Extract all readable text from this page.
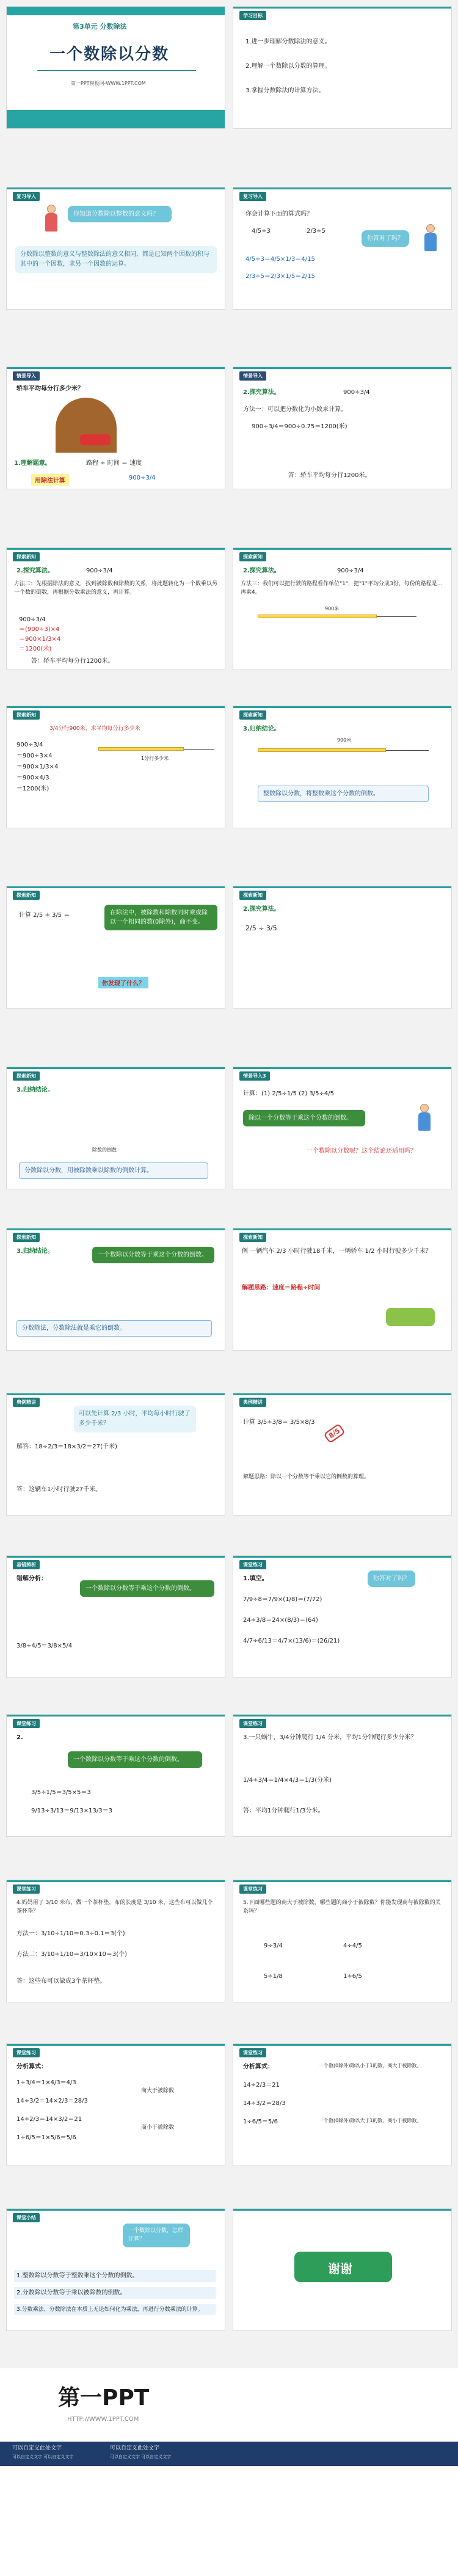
第3单元 分数除法
一个数除以分数
第一PPT模板网-WWW.1PPT.COM
学习目标
1.进一步理解分数除法的意义。
2.理解一个数除以分数的算理。
3.掌握分数除法的计算方法。
复习导入
你知道分数除以整数的意义吗？
分数除以整数的意义与整数除法的意义相同，都是已知两个因数的积与其中的一个因数，求另一个因数的运算。
复习导入
你会计算下面的算式吗？
4/5÷3	2/3÷5
4/5÷3＝4/5×1/3＝4/15
2/3÷5＝2/3×1/5＝2/15
你答对了吗？
情景导入
轿车平均每分行多少米？
1.理解题意。	路程 ÷ 时间 ＝ 速度
用除法计算	900÷3/4
情景导入
2.探究算法。	900÷3/4
方法一：可以把分数化为小数来计算。
900÷3/4＝900÷0.75＝1200(米)
答：轿车平均每分行1200米。
探索新知
2.探究算法。	900÷3/4
方法二：先根据除法的意义，找到被除数和除数的关系，将此题转化为一个数乘以另一个数的倒数，再根据分数乘法的意义，再计算。
900÷3/4
＝(900÷3)×4
＝900×1/3×4
＝1200(米)
答：轿车平均每分行1200米。
探索新知
2.探究算法。	900÷3/4
方法三：我们可以把行驶的路程看作单位"1"，把"1"平均分成3份，每份的路程是...再乘4。
900米
探索新知
3/4分行900米，求平均每分行多少米
900÷3/4
＝900÷3×4
＝900×1/3×4
＝900×4/3
＝1200(米)
1分行多少米
探索新知
3.归纳结论。
900米
整数除以分数，将整数乘这个分数的倒数。
探索新知
计算 2/5 ÷ 3/5 ＝	在除法中，被除数和除数同时乘或除以一个相同的数(0除外)，商不变。
你发现了什么？
探索新知
2.探究算法。
2/5 ÷ 3/5
探索新知
3.归纳结论。
除数的倒数
分数除以分数，用被除数乘以除数的倒数计算。
情景导入3
计算：(1) 2/5÷1/5 (2) 3/5÷4/5
除以一个分数等于乘这个分数的倒数。
一个数除以分数呢？这个结论还适用吗？
探索新知
3.归纳结论。
一个数除以分数等于乘这个分数的倒数。
分数除法，分数除法就是乘它的倒数。
探索新知
例 一辆汽车 2/3 小时行驶18千米，一辆轿车 1/2 小时行驶多少千米？
解题思路：速度＝路程÷时间
典例精讲
可以先计算 2/3 小时，平均每小时行驶了多少千米？
解答：18÷2/3＝18×3/2＝27(千米)
答：这辆车1小时行驶27千米。
典例精讲
计算 3/5÷3/8＝ 3/5×8/3
8/5
解题思路：除以一个分数等于乘以它的倒数的算理。
易错辨析
错解分析：
一个数除以分数等于乘这个分数的倒数。
3/8÷4/5＝3/8×5/4
课堂练习
1.填空。	你答对了吗？
7/9÷8＝7/9×(1/8)＝(7/72)
24÷3/8＝24×(8/3)＝(64)
4/7÷6/13＝4/7×(13/6)＝(26/21)
课堂练习
2.
一个数除以分数等于乘这个分数的倒数。
3/5÷1/5＝3/5×5＝3
9/13÷3/13＝9/13×13/3＝3
课堂练习
3.一只蜗牛，3/4分钟爬行 1/4 分米，平均1分钟爬行多少分米？
1/4÷3/4＝1/4×4/3＝1/3(分米)
答：平均1分钟爬行1/3分米。
课堂练习
4.妈妈用了 3/10 米布，做一个茶杯垫，布的长度是 3/10 米，这些布可以做几个茶杯垫？
方法一：3/10÷1/10＝0.3÷0.1＝3(个)
方法二：3/10÷1/10＝3/10×10＝3(个)
答：这些布可以做成3个茶杯垫。
课堂练习
5.下面哪些题的商大于被除数，哪些题的商小于被除数？你能发现商与被除数的关系吗？
9÷3/4	4÷4/5
5÷1/8	1÷6/5
课堂练习
分析算式：
1÷3/4＝1×4/3＝4/3
14÷3/2＝14×2/3＝28/3
14÷2/3＝14×3/2＝21
1÷6/5＝1×5/6＝5/6
商大于被除数
商小于被除数
课堂练习
分析算式：
14÷2/3＝21
14÷3/2＝28/3
1÷6/5＝5/6
一个数(0除外)除以小于1的数，商大于被除数。
一个数(0除外)除以大于1的数，商小于被除数。
课堂小结
一个数除以分数，怎样计算？
1.整数除以分数等于整数乘这个分数的倒数。
2.分数除以分数等于乘以被除数的倒数。
3.分数乘法、分数除法在本质上无论如何化为乘法，再进行分数乘法的计算。
谢谢
第一PPT
HTTP://WWW.1PPT.COM
可以自定义此处文字
可以自定义文字 可以自定义文字
可以自定义此处文字
可以自定义文字 可以自定义文字
